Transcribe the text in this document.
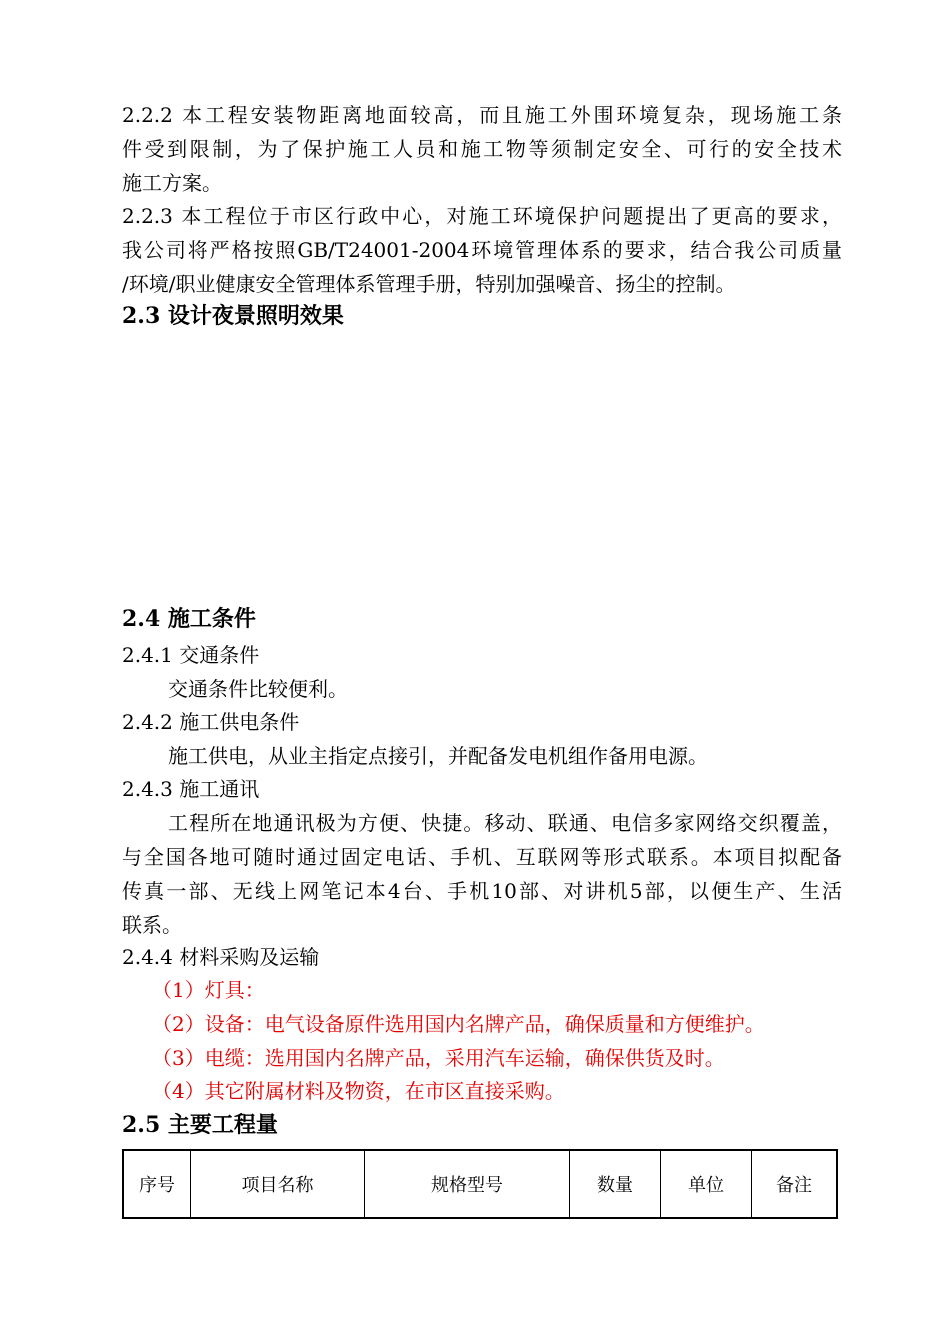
2.2.2 本工程安装物距离地面较高，而且施工外围环境复杂，现场施工条
件受到限制，为了保护施工人员和施工物等须制定安全、可行的安全技术
施工方案。
2.2.3 本工程位于市区行政中心，对施工环境保护问题提出了更高的要求，
我公司将严格按照GB/T24001-2004环境管理体系的要求，结合我公司质量
/环境/职业健康安全管理体系管理手册，特别加强噪音、扬尘的控制。
2.3 设计夜景照明效果
2.4 施工条件
2.4.1 交通条件
交通条件比较便利。
2.4.2 施工供电条件
施工供电，从业主指定点接引，并配备发电机组作备用电源。
2.4.3 施工通讯
工程所在地通讯极为方便、快捷。移动、联通、电信多家网络交织覆盖，
与全国各地可随时通过固定电话、手机、互联网等形式联系。本项目拟配备
传真一部、无线上网笔记本4台、手机10部、对讲机5部，以便生产、生活
联系。
2.4.4 材料采购及运输
（1）灯具：
（2）设备：电气设备原件选用国内名牌产品，确保质量和方便维护。
（3）电缆：选用国内名牌产品，采用汽车运输，确保供货及时。
（4）其它附属材料及物资，在市区直接采购。
2.5 主要工程量
序号	项目名称	规格型号	数量	单位	备注
